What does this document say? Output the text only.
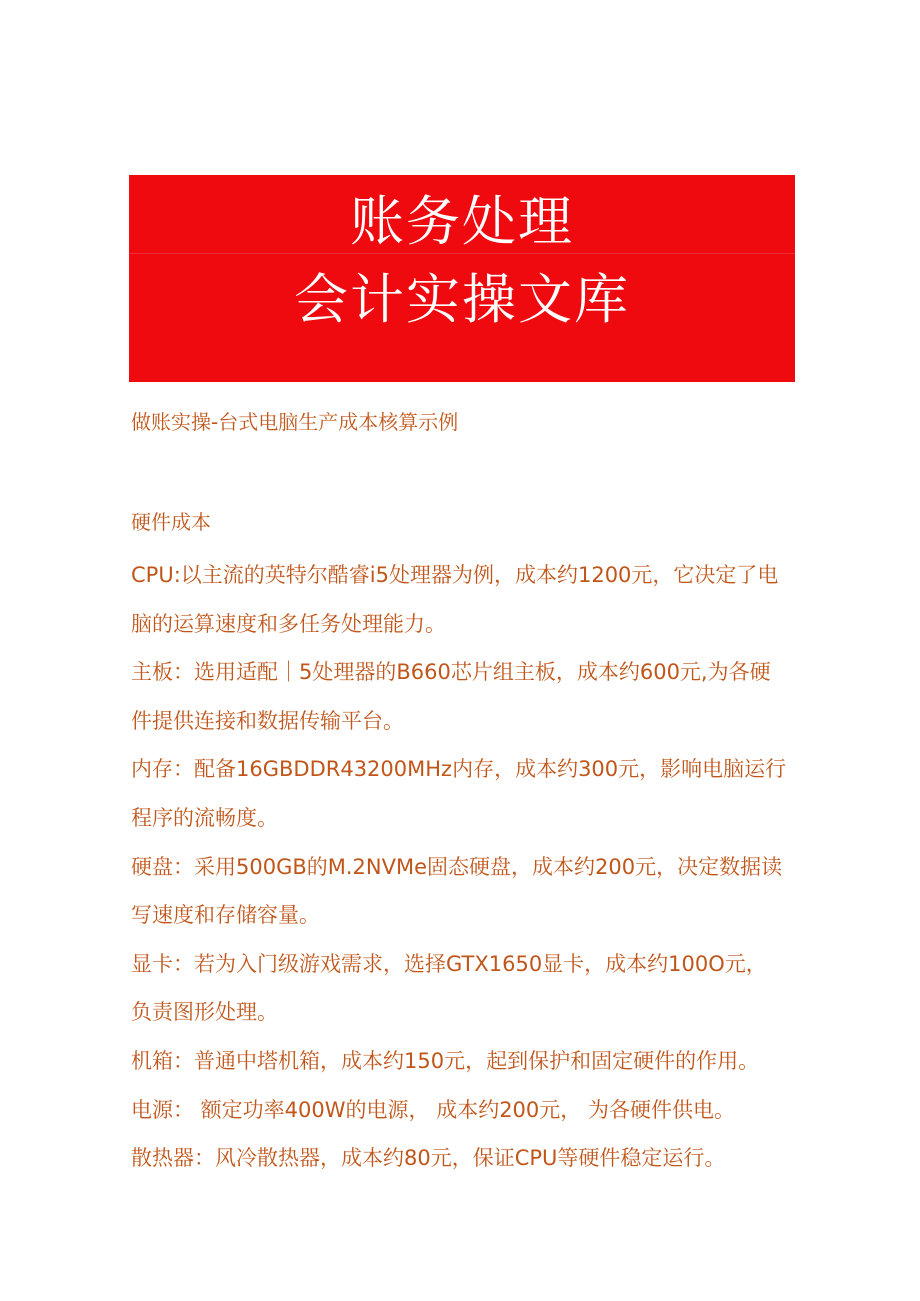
账务处理
会计实操文库
做账实操-台式电脑生产成本核算示例
硬件成本

CPU:以主流的英特尔酷睿i5处理器为例，成本约1200元，它决定了电

脑的运算速度和多任务处理能力。

主板：选用适配｜5处理器的B660芯片组主板，成本约600元,为各硬

件提供连接和数据传输平台。

内存：配备16GBDDR43200MHz内存，成本约300元，影响电脑运行

程序的流畅度。

硬盘：采用500GB的M.2NVMe固态硬盘，成本约200元，决定数据读

写速度和存储容量。

显卡：若为入门级游戏需求，选择GTX1650显卡，成本约100O元，

负责图形处理。

机箱：普通中塔机箱，成本约150元，起到保护和固定硬件的作用。

电源： 额定功率400W的电源， 成本约200元， 为各硬件供电。

散热器：风冷散热器，成本约80元，保证CPU等硬件稳定运行。
